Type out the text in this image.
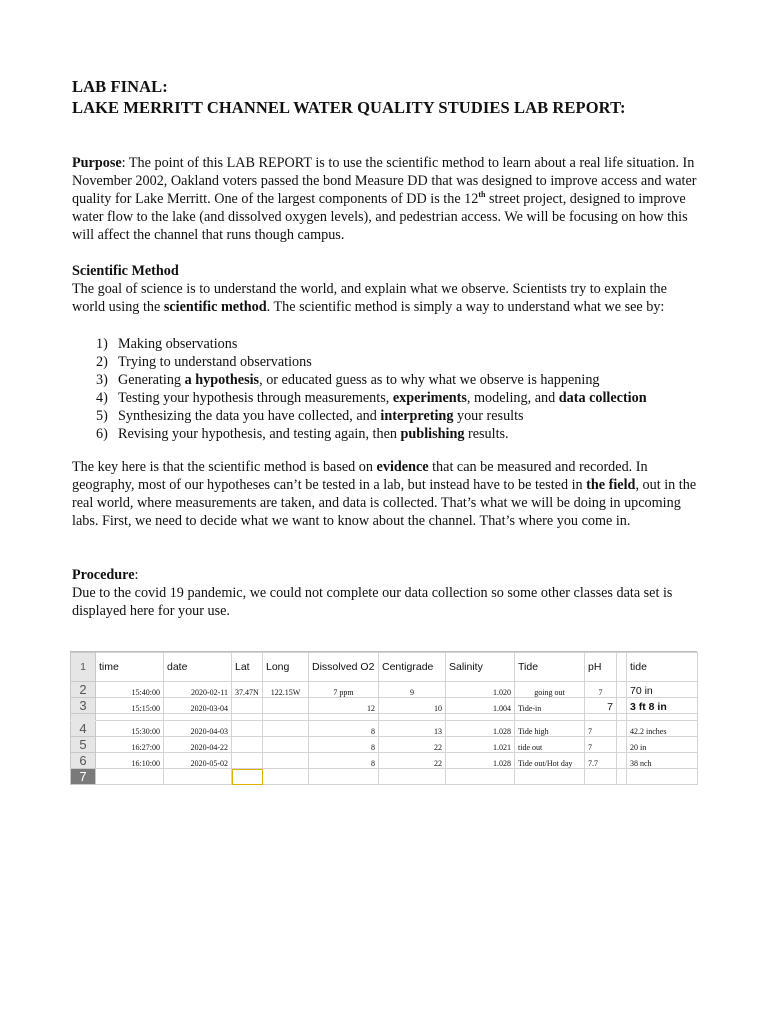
LAB FINAL:
LAKE MERRITT CHANNEL WATER QUALITY STUDIES LAB REPORT:
Purpose: The point of this LAB REPORT is to use the scientific method to learn about a real life situation. In November 2002, Oakland voters passed the bond Measure DD that was designed to improve access and water quality for Lake Merritt. One of the largest components of DD is the 12th street project, designed to improve water flow to the lake (and dissolved oxygen levels), and pedestrian access. We will be focusing on how this will affect the channel that runs though campus.
Scientific Method
The goal of science is to understand the world, and explain what we observe. Scientists try to explain the world using the scientific method. The scientific method is simply a way to understand what we see by:
1) Making observations
2) Trying to understand observations
3) Generating a hypothesis, or educated guess as to why what we observe is happening
4) Testing your hypothesis through measurements, experiments, modeling, and data collection
5) Synthesizing the data you have collected, and interpreting your results
6) Revising your hypothesis, and testing again, then publishing results.
The key here is that the scientific method is based on evidence that can be measured and recorded. In geography, most of our hypotheses can’t be tested in a lab, but instead have to be tested in the field, out in the real world, where measurements are taken, and data is collected. That’s what we will be doing in upcoming labs. First, we need to decide what we want to know about the channel. That’s where you come in.
Procedure:
Due to the covid 19 pandemic, we could not complete our data collection so some other classes data set is displayed here for your use.
1	time	date	Lat	Long	Dissolved O2	Centigrade	Salinity	Tide	pH		tide
2	15:40:00	2020-02-11	37.47N	122.15W	7 ppm	9	1.020	going out	7		70 in
3	15:15:00	2020-03-04			12	10	1.004	Tide-in	7		3 ft 8 in

4	15:30:00	2020-04-03			8	13	1.028	Tide high	7		42.2 inches
5	16:27:00	2020-04-22			8	22	1.021	tide out	7		20 in
6	16:10:00	2020-05-02			8	22	1.028	Tide out/Hot day	7.7		38 nch
7											
